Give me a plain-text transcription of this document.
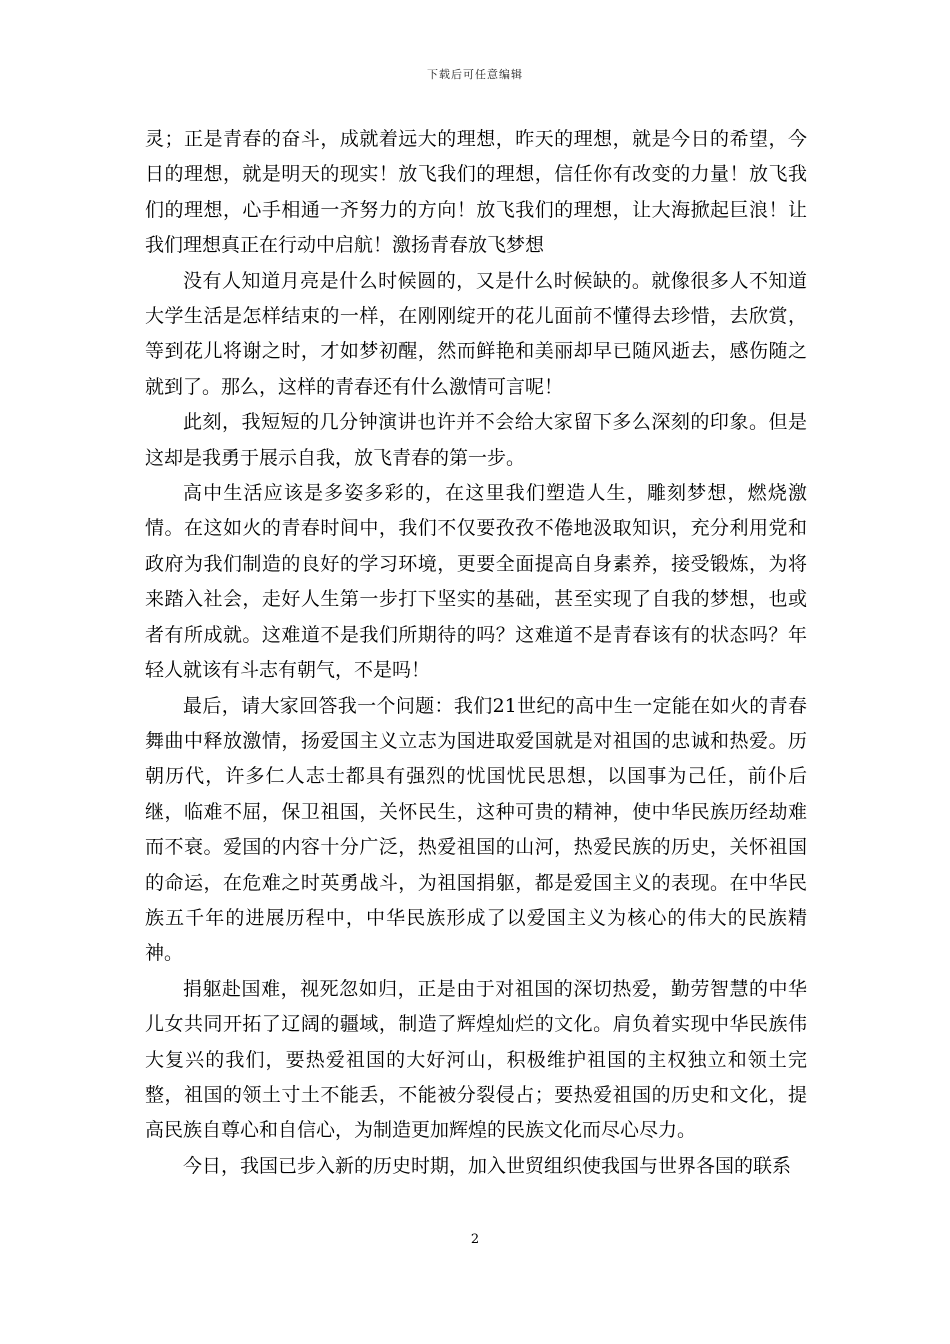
下载后可任意编辑

灵；正是青春的奋斗，成就着远大的理想，昨天的理想，就是今日的希望，今日的理想，就是明天的现实！放飞我们的理想，信任你有改变的力量！放飞我们的理想，心手相通一齐努力的方向！放飞我们的理想，让大海掀起巨浪！让我们理想真正在行动中启航！激扬青春放飞梦想

没有人知道月亮是什么时候圆的，又是什么时候缺的。就像很多人不知道大学生活是怎样结束的一样，在刚刚绽开的花儿面前不懂得去珍惜，去欣赏，等到花儿将谢之时，才如梦初醒，然而鲜艳和美丽却早已随风逝去，感伤随之就到了。那么，这样的青春还有什么激情可言呢！

此刻，我短短的几分钟演讲也许并不会给大家留下多么深刻的印象。但是这却是我勇于展示自我，放飞青春的第一步。

高中生活应该是多姿多彩的，在这里我们塑造人生，雕刻梦想，燃烧激情。在这如火的青春时间中，我们不仅要孜孜不倦地汲取知识，充分利用党和政府为我们制造的良好的学习环境，更要全面提高自身素养，接受锻炼，为将来踏入社会，走好人生第一步打下坚实的基础，甚至实现了自我的梦想，也或者有所成就。这难道不是我们所期待的吗？这难道不是青春该有的状态吗？年轻人就该有斗志有朝气，不是吗！

最后，请大家回答我一个问题：我们21世纪的高中生一定能在如火的青春舞曲中释放激情，扬爱国主义立志为国进取爱国就是对祖国的忠诚和热爱。历朝历代，许多仁人志士都具有强烈的忧国忧民思想，以国事为己任，前仆后继，临难不屈，保卫祖国，关怀民生，这种可贵的精神，使中华民族历经劫难而不衰。爱国的内容十分广泛，热爱祖国的山河，热爱民族的历史，关怀祖国的命运，在危难之时英勇战斗，为祖国捐躯，都是爱国主义的表现。在中华民族五千年的进展历程中，中华民族形成了以爱国主义为核心的伟大的民族精神。

捐躯赴国难，视死忽如归，正是由于对祖国的深切热爱，勤劳智慧的中华儿女共同开拓了辽阔的疆域，制造了辉煌灿烂的文化。肩负着实现中华民族伟大复兴的我们，要热爱祖国的大好河山，积极维护祖国的主权独立和领土完整，祖国的领土寸土不能丢，不能被分裂侵占；要热爱祖国的历史和文化，提高民族自尊心和自信心，为制造更加辉煌的民族文化而尽心尽力。

今日，我国已步入新的历史时期，加入世贸组织使我国与世界各国的联系

2
